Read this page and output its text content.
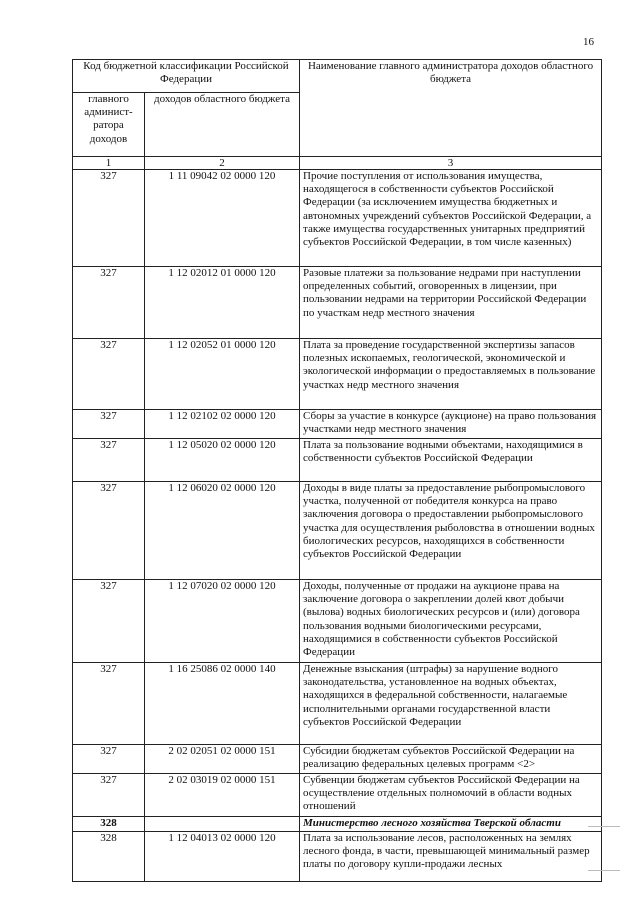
16
Код бюджетной классификации Российской Федерации		Наименование главного администратора доходов областного бюджета
главного админист-ратора доходов	доходов областного бюджета	
1	2	3
327	1 11 09042 02 0000 120	Прочие поступления от использования имущества, находящегося в собственности субъектов Российской Федерации (за исключением имущества бюджетных и автономных учреждений субъектов Российской Федерации, а также имущества государственных унитарных предприятий субъектов Российской Федерации, в том числе казенных)
327	1 12 02012 01 0000 120	Разовые платежи за пользование недрами при наступлении определенных событий, оговоренных в лицензии, при пользовании недрами на территории Российской Федерации по участкам недр местного значения
327	1 12 02052 01 0000 120	Плата за проведение государственной экспертизы запасов полезных ископаемых, геологической, экономической и экологической информации о предоставляемых в пользование участках недр местного значения
327	1 12 02102 02 0000 120	Сборы за участие в конкурсе (аукционе) на право пользования участками недр местного значения
327	1 12 05020 02 0000 120	Плата за пользование водными объектами, находящимися в собственности субъектов Российской Федерации
327	1 12 06020 02 0000 120	Доходы в виде платы за предоставление рыбопромыслового участка, полученной от победителя конкурса на право заключения договора о предоставлении рыбопромыслового участка для осуществления рыболовства в отношении водных биологических ресурсов, находящихся в собственности субъектов Российской Федерации
327	1 12 07020 02 0000 120	Доходы, полученные от продажи на аукционе права на заключение договора о закреплении долей квот добычи (вылова) водных биологических ресурсов и (или) договора пользования водными биологическими ресурсами, находящимися в собственности субъектов Российской Федерации
327	1 16 25086 02 0000 140	Денежные взыскания (штрафы) за нарушение водного законодательства, установленное на водных объектах, находящихся в федеральной собственности, налагаемые исполнительными органами государственной власти субъектов Российской Федерации
327	2 02 02051 02 0000 151	Субсидии бюджетам субъектов Российской Федерации на реализацию федеральных целевых программ <2>
327	2 02 03019 02 0000 151	Субвенции бюджетам субъектов Российской Федерации на осуществление отдельных полномочий в области водных отношений
328		Министерство лесного хозяйства Тверской области
328	1 12 04013 02 0000 120	Плата за использование лесов, расположенных на землях лесного фонда, в части, превышающей минимальный размер платы по договору купли-продажи лесных
